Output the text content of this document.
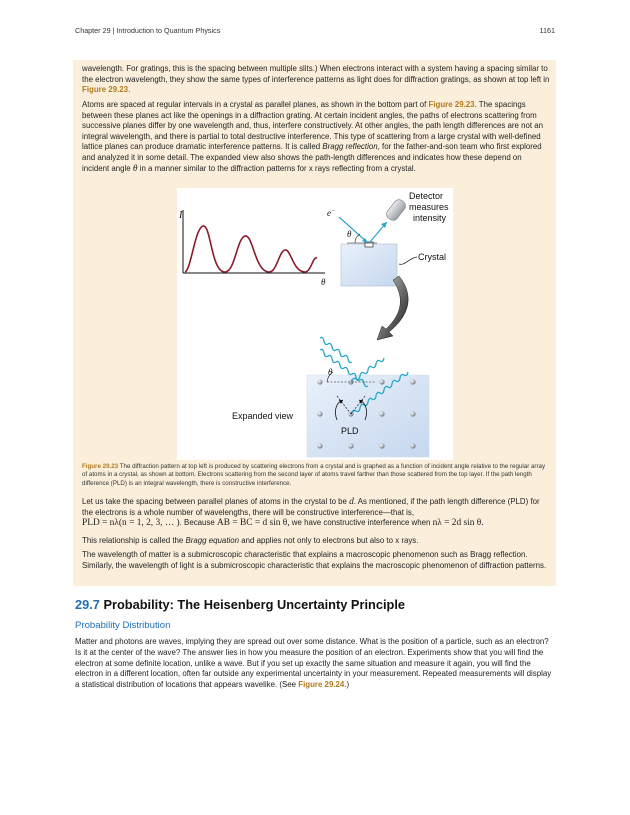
Chapter 29 | Introduction to Quantum Physics	1161

wavelength. For gratings, this is the spacing between multiple slits.) When electrons interact with a system having a spacing similar to the electron wavelength, they show the same types of interference patterns as light does for diffraction gratings, as shown at top left in Figure 29.23.

Atoms are spaced at regular intervals in a crystal as parallel planes, as shown in the bottom part of Figure 29.23. The spacings between these planes act like the openings in a diffraction grating. At certain incident angles, the paths of electrons scattering from successive planes differ by one wavelength and, thus, interfere constructively. At other angles, the path length differences are not an integral wavelength, and there is partial to total destructive interference. This type of scattering from a large crystal with well-defined lattice planes can produce dramatic interference patterns. It is called Bragg reflection, for the father-and-son team who first explored and analyzed it in some detail. The expanded view also shows the path-length differences and indicates how these depend on incident angle θ in a manner similar to the diffraction patterns for x rays reflecting from a crystal.

I
θ
e−
θ
Detector
measures
intensity
Crystal
θ
PLD
Expanded view
Figure 29.23 The diffraction pattern at top left is produced by scattering electrons from a crystal and is graphed as a function of incident angle relative to the regular array of atoms in a crystal, as shown at bottom. Electrons scattering from the second layer of atoms travel farther than those scattered from the top layer. If the path length difference (PLD) is an integral wavelength, there is constructive interference.

Let us take the spacing between parallel planes of atoms in the crystal to be d. As mentioned, if the path length difference (PLD) for the electrons is a whole number of wavelengths, there will be constructive interference—that is,
PLD = nλ(n = 1, 2, 3, … ). Because AB = BC = d sin θ, we have constructive interference when nλ = 2d sin θ.

This relationship is called the Bragg equation and applies not only to electrons but also to x rays.

The wavelength of matter is a submicroscopic characteristic that explains a macroscopic phenomenon such as Bragg reflection. Similarly, the wavelength of light is a submicroscopic characteristic that explains the macroscopic phenomenon of diffraction patterns.

29.7 Probability: The Heisenberg Uncertainty Principle
Probability Distribution

Matter and photons are waves, implying they are spread out over some distance. What is the position of a particle, such as an electron? Is it at the center of the wave? The answer lies in how you measure the position of an electron. Experiments show that you will find the electron at some definite location, unlike a wave. But if you set up exactly the same situation and measure it again, you will find the electron in a different location, often far outside any experimental uncertainty in your measurement. Repeated measurements will display a statistical distribution of locations that appears wavelike. (See Figure 29.24.)
